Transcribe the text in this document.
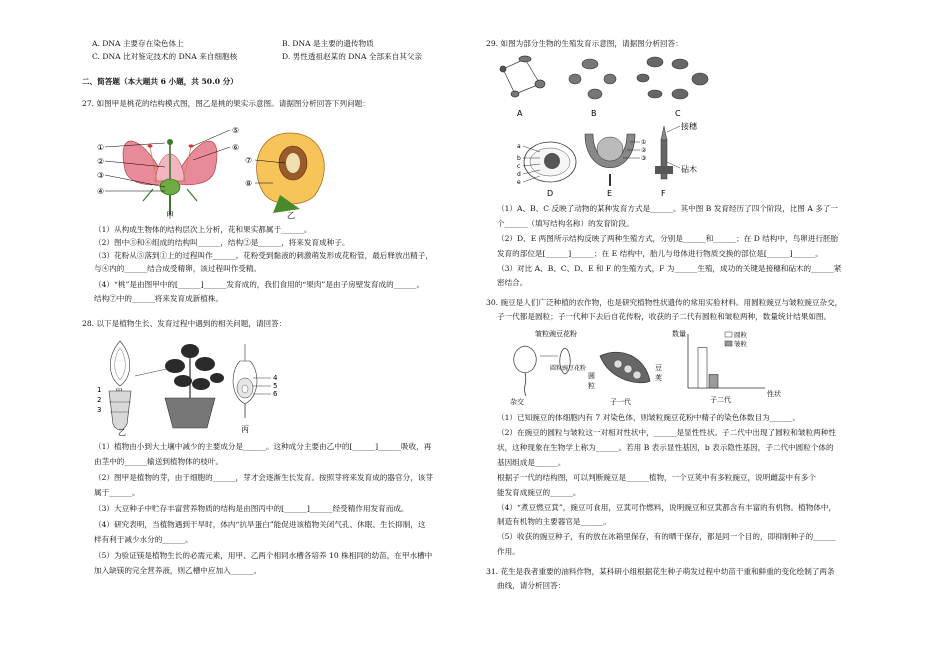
A. DNA 主要存在染色体上	B. DNA 是主要的遗传物质
C. DNA 比对鉴定技术的 DNA 来自细胞核	D. 男性透祖赵某的 DNA 全部来自其父亲
二、简答题（本大题共 6 小题，共 50.0 分）
27. 如图甲是桃花的结构模式图，图乙是桃的果实示意图。请据图分析回答下列问题：
①
②
③
④
⑤
⑥
甲
⑦
⑧
乙
（1）从构成生物体的结构层次上分析，花和果实都属于______。
（2）图中⑤和⑥组成的结构叫______，结构②是______，将来发育成种子。
（3）花粉从⑤落到①上的过程叫作______。花粉受到黏液的刺激萌发形成花粉管，最后释放出精子，
与④内的______结合成受精卵，该过程叫作受精。
（4）“桃”是由图甲中的[______]______发育成的，我们食用的“果肉”是由子房壁发育成的______。
结构⑦中的______将来发育成新植株。
28. 以下是植物生长、发育过程中遇到的相关问题，请回答：
1
2
3
乙
4
5
6
丙
（1）植物由小到大土壤中减少的主要成分是______。这种成分主要由乙中的[______]______吸收，再
由茎中的______输送到植物体的枝叶。
（2）图甲是植物的芽，由于细胞的______，芽才会逐渐生长发育。按照芽将来发育成的器官分，该芽
属于______。
（3）大豆种子中贮存丰富营养物质的结构是由图丙中的[______]______经受精作用发育而成。
（4）研究表明，当植物遇到干旱时，体内“抗旱蛋白”能促进该植物关闭气孔、休眠、生长抑制，这
样有利于减少水分的______。
（5）为验证镁是植物生长的必需元素，用甲、乙两个相同水槽各培养 10 株相同的幼苗，在甲水槽中
加入缺镁的完全营养液，则乙槽中应加入______。
29. 如图为部分生物的生殖发育示意图，请据图分析回答：
A	B	C
a
b
c
d
e
D
①
②
③
E
接穗
砧木
F
（1）A、B、C 反映了动物的某种发育方式是______。其中图 B 发育经历了四个阶段，比图 A 多了一
个______（填写结构名称）的发育阶段。
（2）D、E 两图所示结构反映了两种生殖方式，分别是______和______；在 D 结构中，鸟卵进行胚胎
发育的部位是[______]______；在 E 结构中，胎儿与母体进行物质交换的部位是[______]______。
（3）对比 A、B、C、D、E 和 F 的生殖方式，F 为______生殖，成功的关键是接穗和砧木的______紧
密结合。
30. 豌豆是人们广泛种植的农作物，也是研究植物性状遗传的常用实验材料。用圆粒豌豆与皱粒豌豆杂交，
子一代都是圆粒；子一代种下去后自花传粉，收获的子二代有圆粒和皱粒两种，数量统计结果如图。
皱粒豌豆花粉
圆粒豌豆花粉
杂交
圆
粒
豆
荚
子一代
数量
性状
子二代
圆粒
皱粒
（1）已知豌豆的体细胞内有 7 对染色体，则皱粒豌豆花粉中精子的染色体数目为______。
（2）在豌豆的圆粒与皱粒这一对相对性状中，______是显性性状。子二代中出现了圆粒和皱粒两种性
状，这种现象在生物学上称为______。若用 B 表示显性基因，b 表示隐性基因，子二代中圆粒个体的
基因组成是______。
根据子一代的结构图，可以判断豌豆是______植物，一个豆荚中有多粒豌豆，说明雌蕊中有多个
能发育成豌豆的______。
（4）“煮豆燃豆萁”，豌豆可食用，豆萁可作燃料，说明豌豆和豆萁都含有丰富的有机物。植物体中，
制造有机物的主要器官是______。
（5）收获的豌豆种子，有的放在冰箱里保存，有的晒干保存，都是同一个目的，即抑制种子的______
作用。
31. 花生是我者重要的油料作物，某科研小组根据花生种子萌发过程中幼苗干重和鲜重的变化绘制了两条
曲线，请分析回答：
